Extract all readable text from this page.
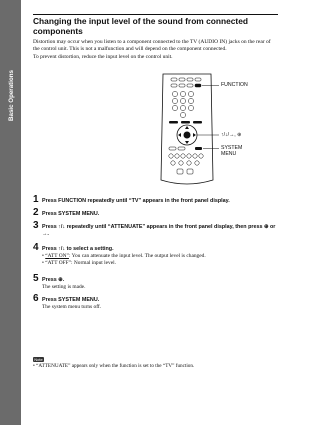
Basic Operations
Changing the input level of the sound from connected components

Distortion may occur when you listen to a component connected to the TV (AUDIO IN) jacks on the rear of the control unit. This is not a malfunction and will depend on the component connected.

To prevent distortion, reduce the input level on the control unit.

FUNCTION
↑/↓/→, ⊕
SYSTEM
MENU
1 Press FUNCTION repeatedly until “TV” appears in the front panel display.
2 Press SYSTEM MENU.
3 Press ↑/↓ repeatedly until “ATTENUATE” appears in the front panel display, then press ⊕ or →.
4 Press ↑/↓ to select a setting.
• “ATT ON”: You can attenuate the input level. The output level is changed.
• “ATT OFF”: Normal input level.
5 Press ⊕.
The setting is made.
6 Press SYSTEM MENU.
The system menu turns off.
Note
• “ATTENUATE” appears only when the function is set to the “TV” function.
